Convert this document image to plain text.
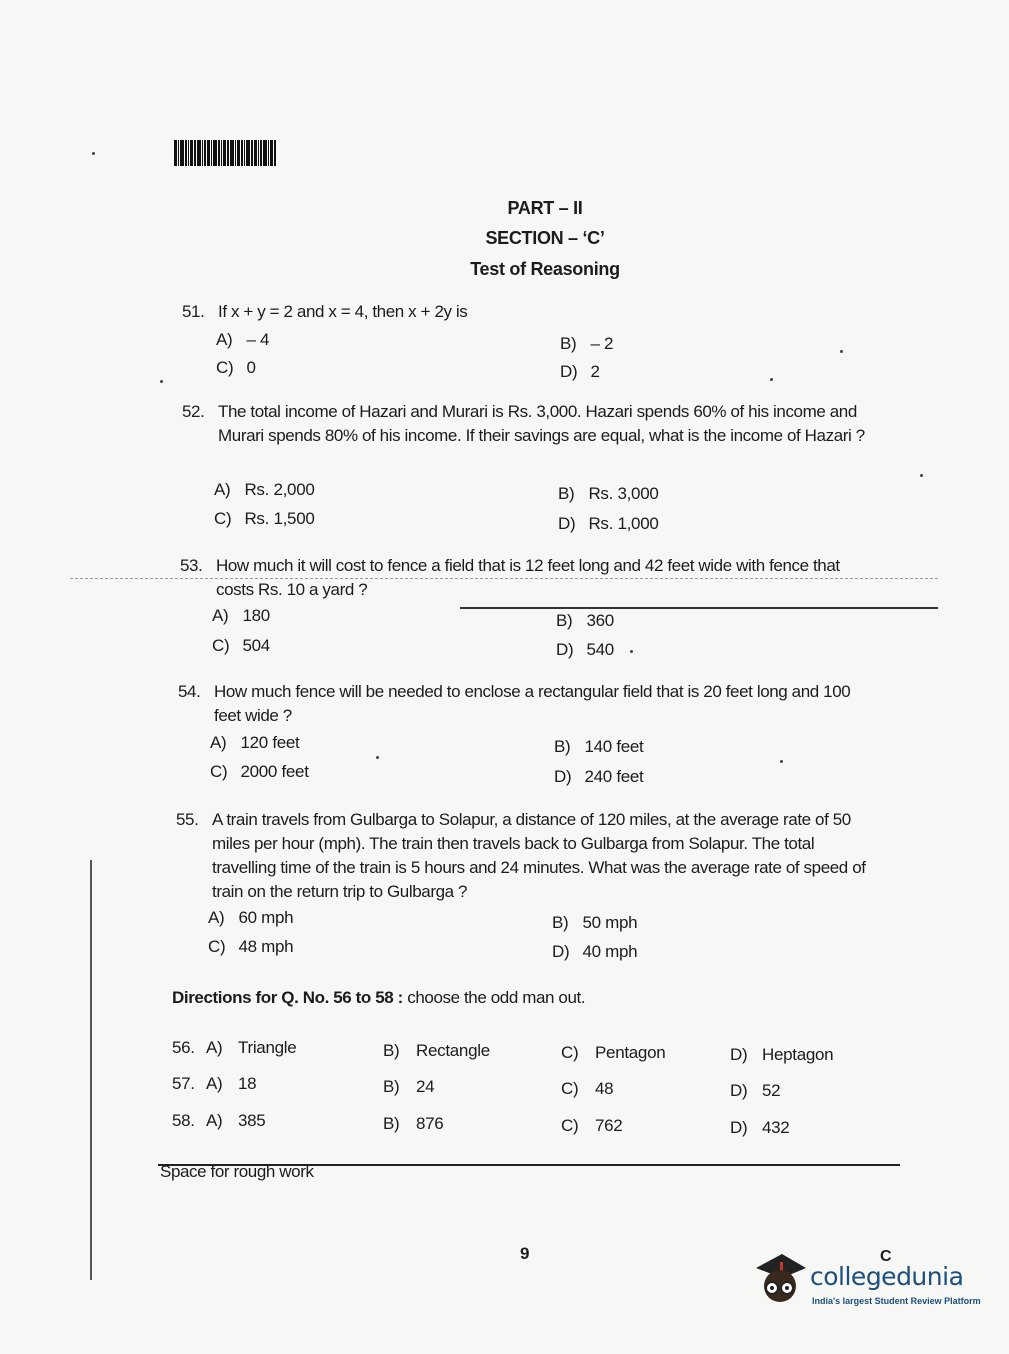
PART – II
SECTION – ‘C’
Test of Reasoning
51. If x + y = 2 and x = 4, then x + 2y is
A) – 4	B) – 2
C) 0	D) 2
52. The total income of Hazari and Murari is Rs. 3,000. Hazari spends 60% of his income and Murari spends 80% of his income. If their savings are equal, what is the income of Hazari ?
A) Rs. 2,000	B) Rs. 3,000
C) Rs. 1,500	D) Rs. 1,000
53. How much it will cost to fence a field that is 12 feet long and 42 feet wide with fence that costs Rs. 10 a yard ?
A) 180	B) 360
C) 504	D) 540
54. How much fence will be needed to enclose a rectangular field that is 20 feet long and 100 feet wide ?
A) 120 feet	B) 140 feet
C) 2000 feet	D) 240 feet
55. A train travels from Gulbarga to Solapur, a distance of 120 miles, at the average rate of 50 miles per hour (mph). The train then travels back to Gulbarga from Solapur. The total travelling time of the train is 5 hours and 24 minutes. What was the average rate of speed of train on the return trip to Gulbarga ?
A) 60 mph	B) 50 mph
C) 48 mph	D) 40 mph
Directions for Q. No. 56 to 58 : choose the odd man out.
56. A) Triangle	B) Rectangle	C) Pentagon	D) Heptagon
57. A) 18	B) 24	C) 48	D) 52
58. A) 385	B) 876	C) 762	D) 432
Space for rough work
9	C
collegedunia
India's largest Student Review Platform
